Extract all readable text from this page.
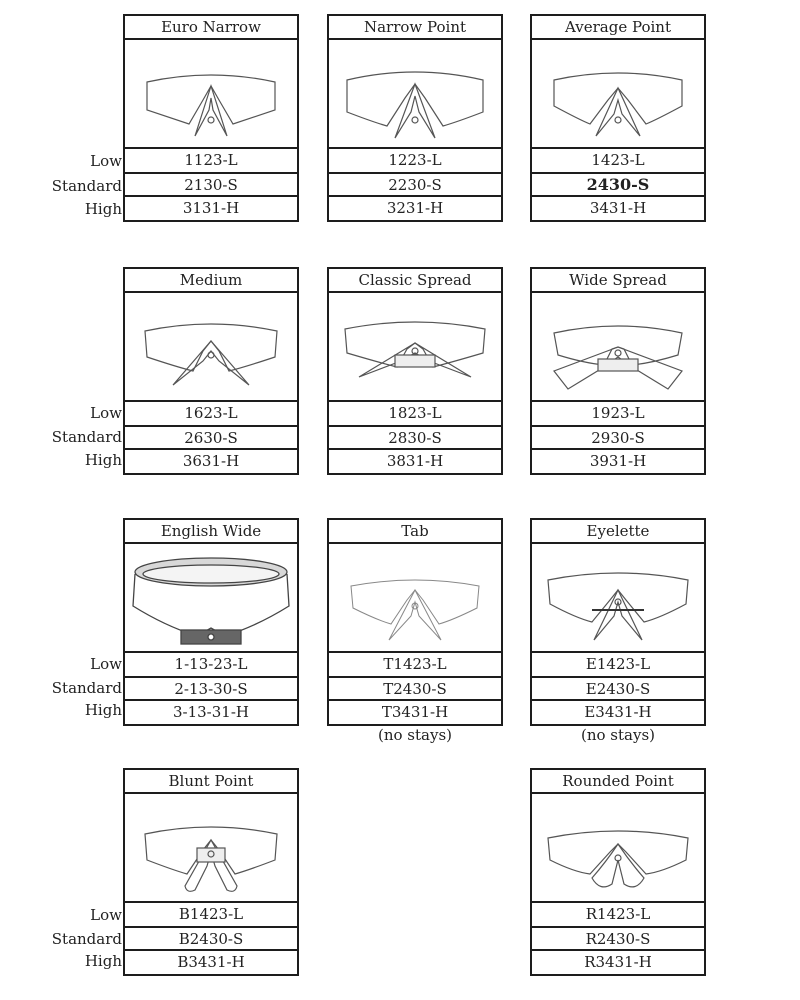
Low
Standard
High
Low
Standard
High
Low
Standard
High
Low
Standard
High
Euro Narrow
1123-L
2130-S
3131-H
Narrow Point
1223-L
2230-S
3231-H
Average Point
1423-L
2430-S
3431-H
Medium
1623-L
2630-S
3631-H
Classic Spread
1823-L
2830-S
3831-H
Wide Spread
1923-L
2930-S
3931-H
English Wide
1-13-23-L
2-13-30-S
3-13-31-H
Tab
T1423-L
T2430-S
T3431-H
(no stays)
Eyelette
E1423-L
E2430-S
E3431-H
(no stays)
Blunt Point
B1423-L
B2430-S
B3431-H
Rounded Point
R1423-L
R2430-S
R3431-H
